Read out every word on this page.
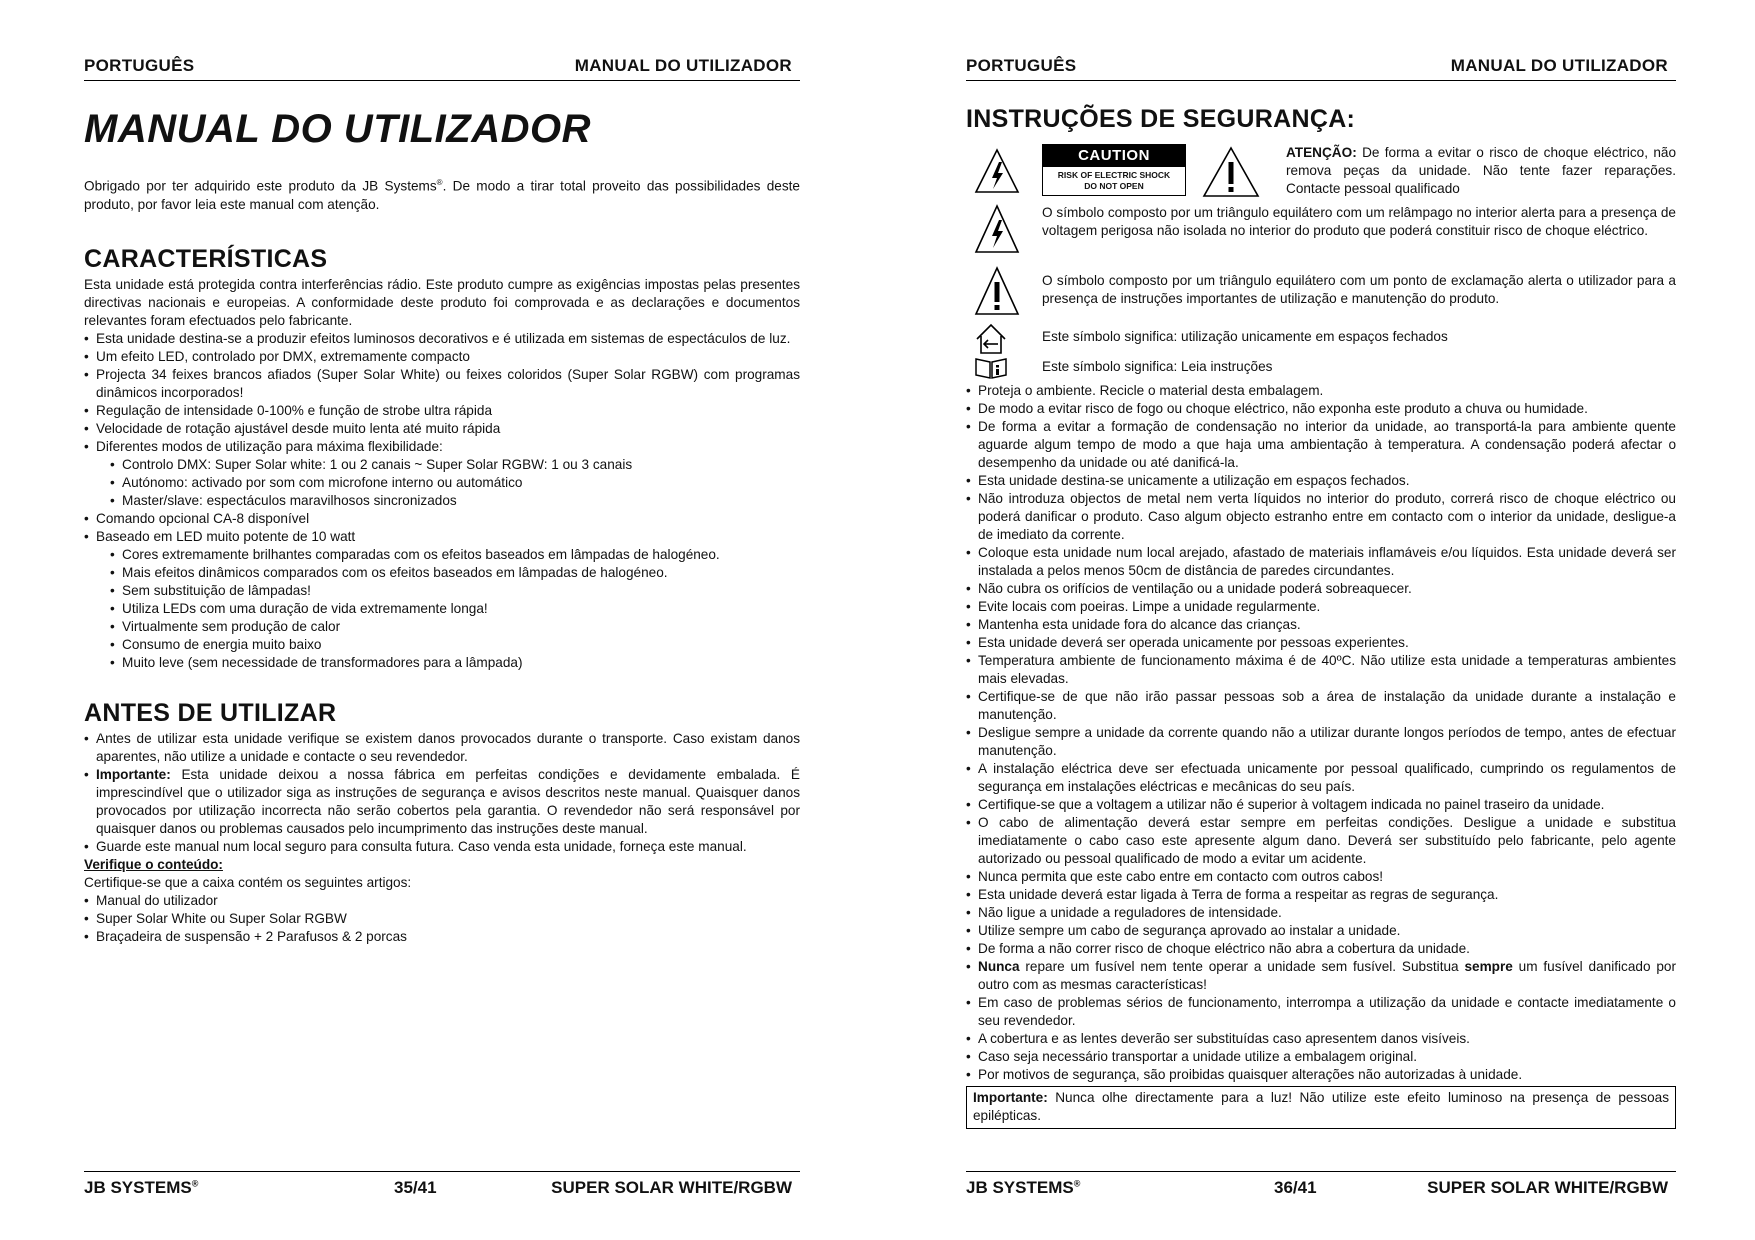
PORTUGUÊS	MANUAL DO UTILIZADOR
MANUAL DO UTILIZADOR

Obrigado por ter adquirido este produto da JB Systems®. De modo a tirar total proveito das possibilidades deste produto, por favor leia este manual com atenção.

CARACTERÍSTICAS

Esta unidade está protegida contra interferências rádio. Este produto cumpre as exigências impostas pelas presentes directivas nacionais e europeias. A conformidade deste produto foi comprovada e as declarações e documentos relevantes foram efectuados pelo fabricante.

• Esta unidade destina-se a produzir efeitos luminosos decorativos e é utilizada em sistemas de espectáculos de luz.
• Um efeito LED, controlado por DMX, extremamente compacto
• Projecta 34 feixes brancos afiados (Super Solar White) ou feixes coloridos (Super Solar RGBW) com programas dinâmicos incorporados!
• Regulação de intensidade 0-100% e função de strobe ultra rápida
• Velocidade de rotação ajustável desde muito lenta até muito rápida
• Diferentes modos de utilização para máxima flexibilidade:
• Controlo DMX: Super Solar white: 1 ou 2 canais ~ Super Solar RGBW: 1 ou 3 canais
• Autónomo: activado por som com microfone interno ou automático
• Master/slave: espectáculos maravilhosos sincronizados
• Comando opcional CA-8 disponível
• Baseado em LED muito potente de 10 watt
• Cores extremamente brilhantes comparadas com os efeitos baseados em lâmpadas de halogéneo.
• Mais efeitos dinâmicos comparados com os efeitos baseados em lâmpadas de halogéneo.
• Sem substituição de lâmpadas!
• Utiliza LEDs com uma duração de vida extremamente longa!
• Virtualmente sem produção de calor
• Consumo de energia muito baixo
• Muito leve (sem necessidade de transformadores para a lâmpada)
ANTES DE UTILIZAR
• Antes de utilizar esta unidade verifique se existem danos provocados durante o transporte. Caso existam danos aparentes, não utilize a unidade e contacte o seu revendedor.
• Importante: Esta unidade deixou a nossa fábrica em perfeitas condições e devidamente embalada. É imprescindível que o utilizador siga as instruções de segurança e avisos descritos neste manual. Quaisquer danos provocados por utilização incorrecta não serão cobertos pela garantia. O revendedor não será responsável por quaisquer danos ou problemas causados pelo incumprimento das instruções deste manual.
• Guarde este manual num local seguro para consulta futura. Caso venda esta unidade, forneça este manual.

Verifique o conteúdo:

Certifique-se que a caixa contém os seguintes artigos:

• Manual do utilizador
• Super Solar White ou Super Solar RGBW
• Braçadeira de suspensão + 2 Parafusos & 2 porcas
JB SYSTEMS®	35/41	SUPER SOLAR WHITE/RGBW
PORTUGUÊS	MANUAL DO UTILIZADOR
INSTRUÇÕES DE SEGURANÇA:
CAUTION
RISK OF ELECTRIC SHOCK
DO NOT OPEN

ATENÇÃO: De forma a evitar o risco de choque eléctrico, não remova peças da unidade. Não tente fazer reparações. Contacte pessoal qualificado

O símbolo composto por um triângulo equilátero com um relâmpago no interior alerta para a presença de voltagem perigosa não isolada no interior do produto que poderá constituir risco de choque eléctrico.

O símbolo composto por um triângulo equilátero com um ponto de exclamação alerta o utilizador para a presença de instruções importantes de utilização e manutenção do produto.

Este símbolo significa: utilização unicamente em espaços fechados

Este símbolo significa: Leia instruções

• Proteja o ambiente. Recicle o material desta embalagem.
• De modo a evitar risco de fogo ou choque eléctrico, não exponha este produto a chuva ou humidade.
• De forma a evitar a formação de condensação no interior da unidade, ao transportá-la para ambiente quente aguarde algum tempo de modo a que haja uma ambientação à temperatura. A condensação poderá afectar o desempenho da unidade ou até danificá-la.
• Esta unidade destina-se unicamente a utilização em espaços fechados.
• Não introduza objectos de metal nem verta líquidos no interior do produto, correrá risco de choque eléctrico ou poderá danificar o produto. Caso algum objecto estranho entre em contacto com o interior da unidade, desligue-a de imediato da corrente.
• Coloque esta unidade num local arejado, afastado de materiais inflamáveis e/ou líquidos. Esta unidade deverá ser instalada a pelos menos 50cm de distância de paredes circundantes.
• Não cubra os orifícios de ventilação ou a unidade poderá sobreaquecer.
• Evite locais com poeiras. Limpe a unidade regularmente.
• Mantenha esta unidade fora do alcance das crianças.
• Esta unidade deverá ser operada unicamente por pessoas experientes.
• Temperatura ambiente de funcionamento máxima é de 40ºC. Não utilize esta unidade a temperaturas ambientes mais elevadas.
• Certifique-se de que não irão passar pessoas sob a área de instalação da unidade durante a instalação e manutenção.
• Desligue sempre a unidade da corrente quando não a utilizar durante longos períodos de tempo, antes de efectuar manutenção.
• A instalação eléctrica deve ser efectuada unicamente por pessoal qualificado, cumprindo os regulamentos de segurança em instalações eléctricas e mecânicas do seu país.
• Certifique-se que a voltagem a utilizar não é superior à voltagem indicada no painel traseiro da unidade.
• O cabo de alimentação deverá estar sempre em perfeitas condições. Desligue a unidade e substitua imediatamente o cabo caso este apresente algum dano. Deverá ser substituído pelo fabricante, pelo agente autorizado ou pessoal qualificado de modo a evitar um acidente.
• Nunca permita que este cabo entre em contacto com outros cabos!
• Esta unidade deverá estar ligada à Terra de forma a respeitar as regras de segurança.
• Não ligue a unidade a reguladores de intensidade.
• Utilize sempre um cabo de segurança aprovado ao instalar a unidade.
• De forma a não correr risco de choque eléctrico não abra a cobertura da unidade.
• Nunca repare um fusível nem tente operar a unidade sem fusível. Substitua sempre um fusível danificado por outro com as mesmas características!
• Em caso de problemas sérios de funcionamento, interrompa a utilização da unidade e contacte imediatamente o seu revendedor.
• A cobertura e as lentes deverão ser substituídas caso apresentem danos visíveis.
• Caso seja necessário transportar a unidade utilize a embalagem original.
• Por motivos de segurança, são proibidas quaisquer alterações não autorizadas à unidade.
Importante: Nunca olhe directamente para a luz! Não utilize este efeito luminoso na presença de pessoas epilépticas.
JB SYSTEMS®	36/41	SUPER SOLAR WHITE/RGBW
